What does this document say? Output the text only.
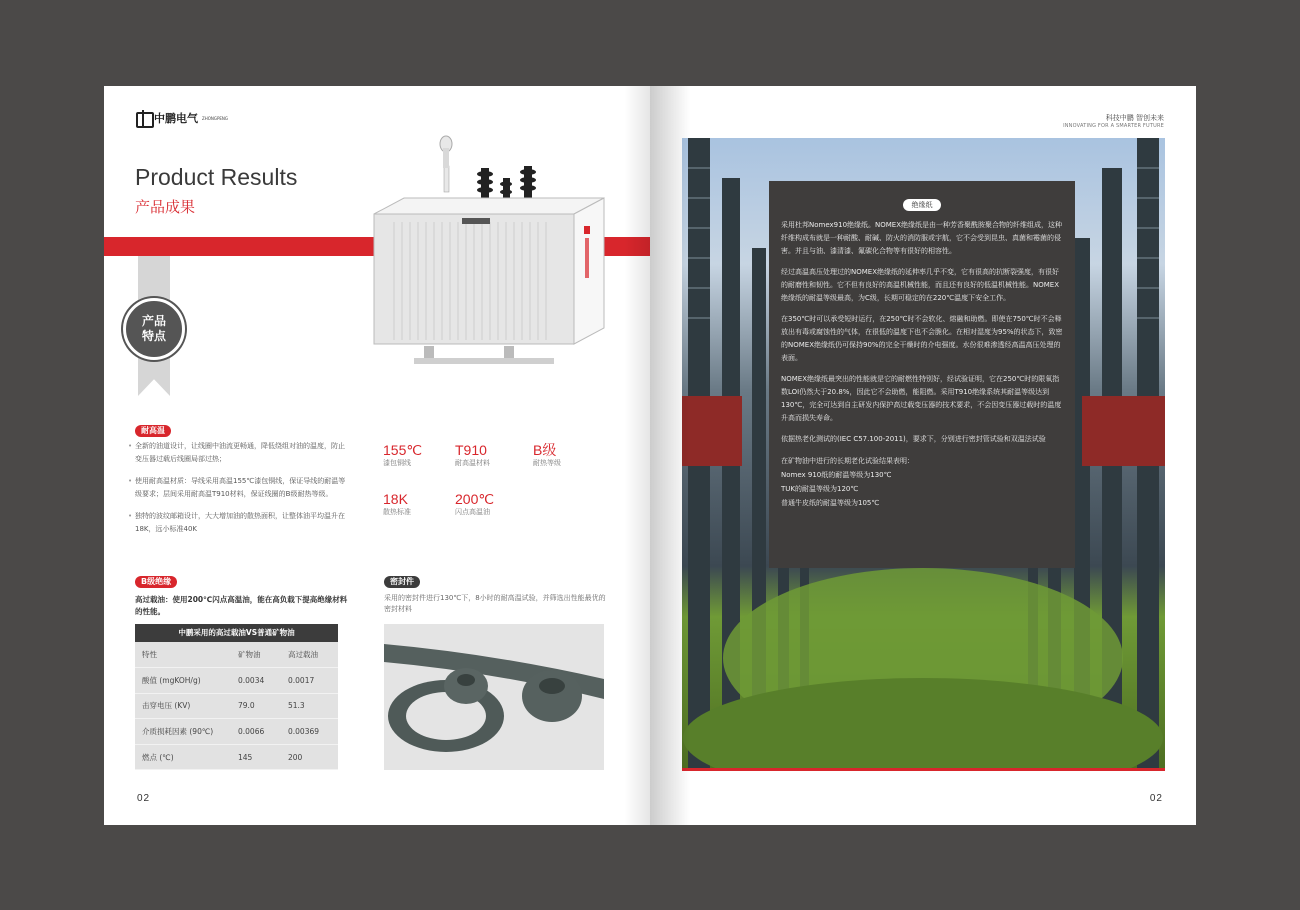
中鹏电气 ZHONGPENG
Product Results
产品成果
产品特点
耐高温
• 全新的油道设计，让线圈中油流更畅通，降低绕组对油的温度，防止变压器过载后线圈局部过热；
• 使用耐高温材质：导线采用高温155℃漆包铜线，保证导线的耐温等级要求；层间采用耐高温T910材料，保证线圈的B级耐热等级。
• 独特的波纹邮箱设计，大大增加油的散热面积，让整体油平均温升在18K，远小标准40K
155℃
漆包铜线
T910
耐高温材料
B级
耐热等级
18K
散热标准
200℃
闪点高温油
B级绝缘
高过载油：使用200℃闪点高温油，能在高负载下提高绝缘材料的性能。
中鹏采用的高过载油VS普通矿物油
特性	矿物油	高过载油
酸值 (mgKOH/g)	0.0034	0.0017
击穿电压 (KV)	79.0	51.3
介质损耗因素 (90℃)	0.0066	0.00369
燃点 (℃)	145	200
密封件
采用的密封件进行130℃下，8小时的耐高温试验，并筛选出性能最优的密封材料
02
科技中鹏 智创未来
INNOVATING FOR A SMARTER FUTURE
绝缘纸

采用杜邦Nomex910绝缘纸。NOMEX绝缘纸是由一种芳香聚酰胺聚合物的纤维组成，这种纤维构成布就是一种耐酸、耐碱、防火的消防服或宇航，它不会受到昆虫、真菌和霉菌的侵害。并且与油、漆清漆、氟碳化合物等有很好的相容性。

经过高温高压处理过的NOMEX绝缘纸的延伸率几乎不变，它有很高的抗断裂强度，有很好的耐磨性和韧性。它不但有良好的高温机械性能，而且还有良好的低温机械性能。NOMEX绝缘纸的耐温等级最高，为C级，长期可稳定的在220℃温度下安全工作。

在350℃时可以承受短时运行，在250℃时不会软化、熔融和助燃。即使在750℃时不会释放出有毒或腐蚀性的气体，在很低的温度下也不会脆化。在相对湿度为95%的状态下，致密的NOMEX绝缘纸仍可保持90%的完全干燥时的介电强度。水份很难渗透经高温高压处理的表面。

NOMEX绝缘纸最突出的性能就是它的耐燃性特别好，经试验证明，它在250℃时的限氧指数LOI仍然大于20.8%，因此它不会助燃，能阻燃。采用T910绝缘系统其耐温等级达到130℃，完全可达到自主研发内保护高过载变压器的技术要求，不会因变压器过载时的温度升高而损失寿命。

依据热老化测试的(IEC C57.100-2011)，要求下，分别进行密封管试验和双温法试验

在矿物油中进行的长期老化试验结果表明：
Nomex 910纸的耐温等级为130℃
TUK的耐温等级为120℃
普通牛皮纸的耐温等级为105℃
02
